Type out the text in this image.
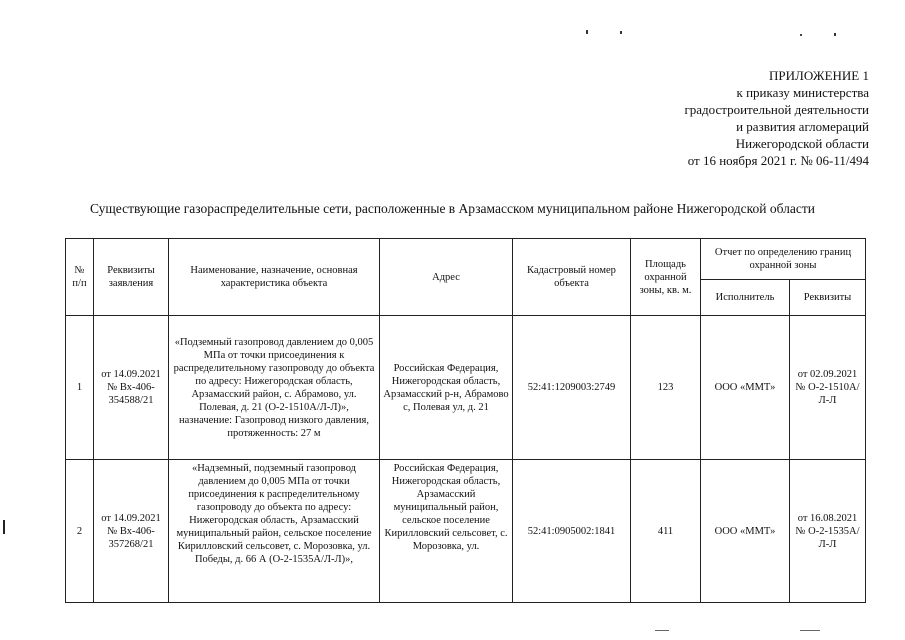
ПРИЛОЖЕНИЕ 1
к приказу министерства
градостроительной деятельности
и развития агломераций
Нижегородской области
от 16 ноября 2021 г. № 06-11/494
Существующие газораспределительные сети, расположенные в Арзамасском муниципальном районе Нижегородской области
№ п/п	Реквизиты заявления	Наименование, назначение, основная характеристика объекта	Адрес	Кадастровый номер объекта	Площадь охранной зоны, кв. м.	Отчет по определению границ охранной зоны	
						Исполнитель	Реквизиты
1	от 14.09.2021 № Вх-406-354588/21	«Подземный газопровод давлением до 0,005 МПа от точки присоединения к распределительному газопроводу до объекта по адресу: Нижегородская область, Арзамасский район, с. Абрамово, ул. Полевая, д. 21 (О-2-1510А/Л-Л)», назначение: Газопровод низкого давления, протяженность: 27 м	Российская Федерация, Нижегородская область, Арзамасский р-н, Абрамово с, Полевая ул, д. 21	52:41:1209003:2749	123	ООО «ММТ»	от 02.09.2021 № О-2-1510А/Л-Л
2	от 14.09.2021 № Вх-406-357268/21	«Надземный, подземный газопровод давлением до 0,005 МПа от точки присоединения к распределительному газопроводу до объекта по адресу: Нижегородская область, Арзамасский муниципальный район, сельское поселение Кирилловский сельсовет, с. Морозовка, ул. Победы, д. 66 А (О-2-1535А/Л-Л)»,	Российская Федерация, Нижегородская область, Арзамасский муниципальный район, сельское поселение Кирилловский сельсовет, с. Морозовка, ул.	52:41:0905002:1841	411	ООО «ММТ»	от 16.08.2021 № О-2-1535А/Л-Л
